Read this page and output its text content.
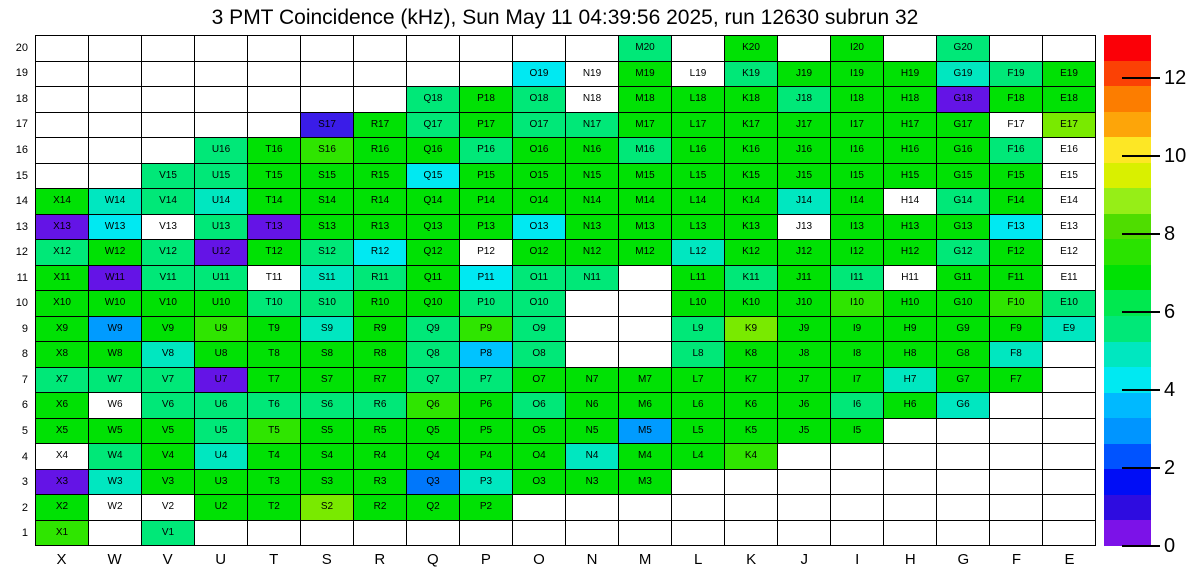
3 PMT Coincidence (kHz), Sun May 11 04:39:56 2025, run 12630 subrun 32
M20	K20	I20	G20
O19	N19	M19	L19	K19	J19	I19	H19	G19	F19	E19
Q18	P18	O18	N18	M18	L18	K18	J18	I18	H18	G18	F18	E18
S17	R17	Q17	P17	O17	N17	M17	L17	K17	J17	I17	H17	G17	F17	E17
U16	T16	S16	R16	Q16	P16	O16	N16	M16	L16	K16	J16	I16	H16	G16	F16	E16
V15	U15	T15	S15	R15	Q15	P15	O15	N15	M15	L15	K15	J15	I15	H15	G15	F15	E15
X14	W14	V14	U14	T14	S14	R14	Q14	P14	O14	N14	M14	L14	K14	J14	I14	H14	G14	F14	E14
X13	W13	V13	U13	T13	S13	R13	Q13	P13	O13	N13	M13	L13	K13	J13	I13	H13	G13	F13	E13
X12	W12	V12	U12	T12	S12	R12	Q12	P12	O12	N12	M12	L12	K12	J12	I12	H12	G12	F12	E12
X11	W11	V11	U11	T11	S11	R11	Q11	P11	O11	N11	L11	K11	J11	I11	H11	G11	F11	E11
X10	W10	V10	U10	T10	S10	R10	Q10	P10	O10	L10	K10	J10	I10	H10	G10	F10	E10
X9	W9	V9	U9	T9	S9	R9	Q9	P9	O9	L9	K9	J9	I9	H9	G9	F9	E9
X8	W8	V8	U8	T8	S8	R8	Q8	P8	O8	L8	K8	J8	I8	H8	G8	F8
X7	W7	V7	U7	T7	S7	R7	Q7	P7	O7	N7	M7	L7	K7	J7	I7	H7	G7	F7
X6	W6	V6	U6	T6	S6	R6	Q6	P6	O6	N6	M6	L6	K6	J6	I6	H6	G6
X5	W5	V5	U5	T5	S5	R5	Q5	P5	O5	N5	M5	L5	K5	J5	I5
X4	W4	V4	U4	T4	S4	R4	Q4	P4	O4	N4	M4	L4	K4
X3	W3	V3	U3	T3	S3	R3	Q3	P3	O3	N3	M3
X2	W2	V2	U2	T2	S2	R2	Q2	P2
X1	V1
20
19
18
17
16
15
14
13
12
11
10
9
8
7
6
5
4
3
2
1
X	W	V	U	T	S	R	Q	P	O	N	M	L	K	J	I	H	G	F	E
12
10
8
6
4
2
0
